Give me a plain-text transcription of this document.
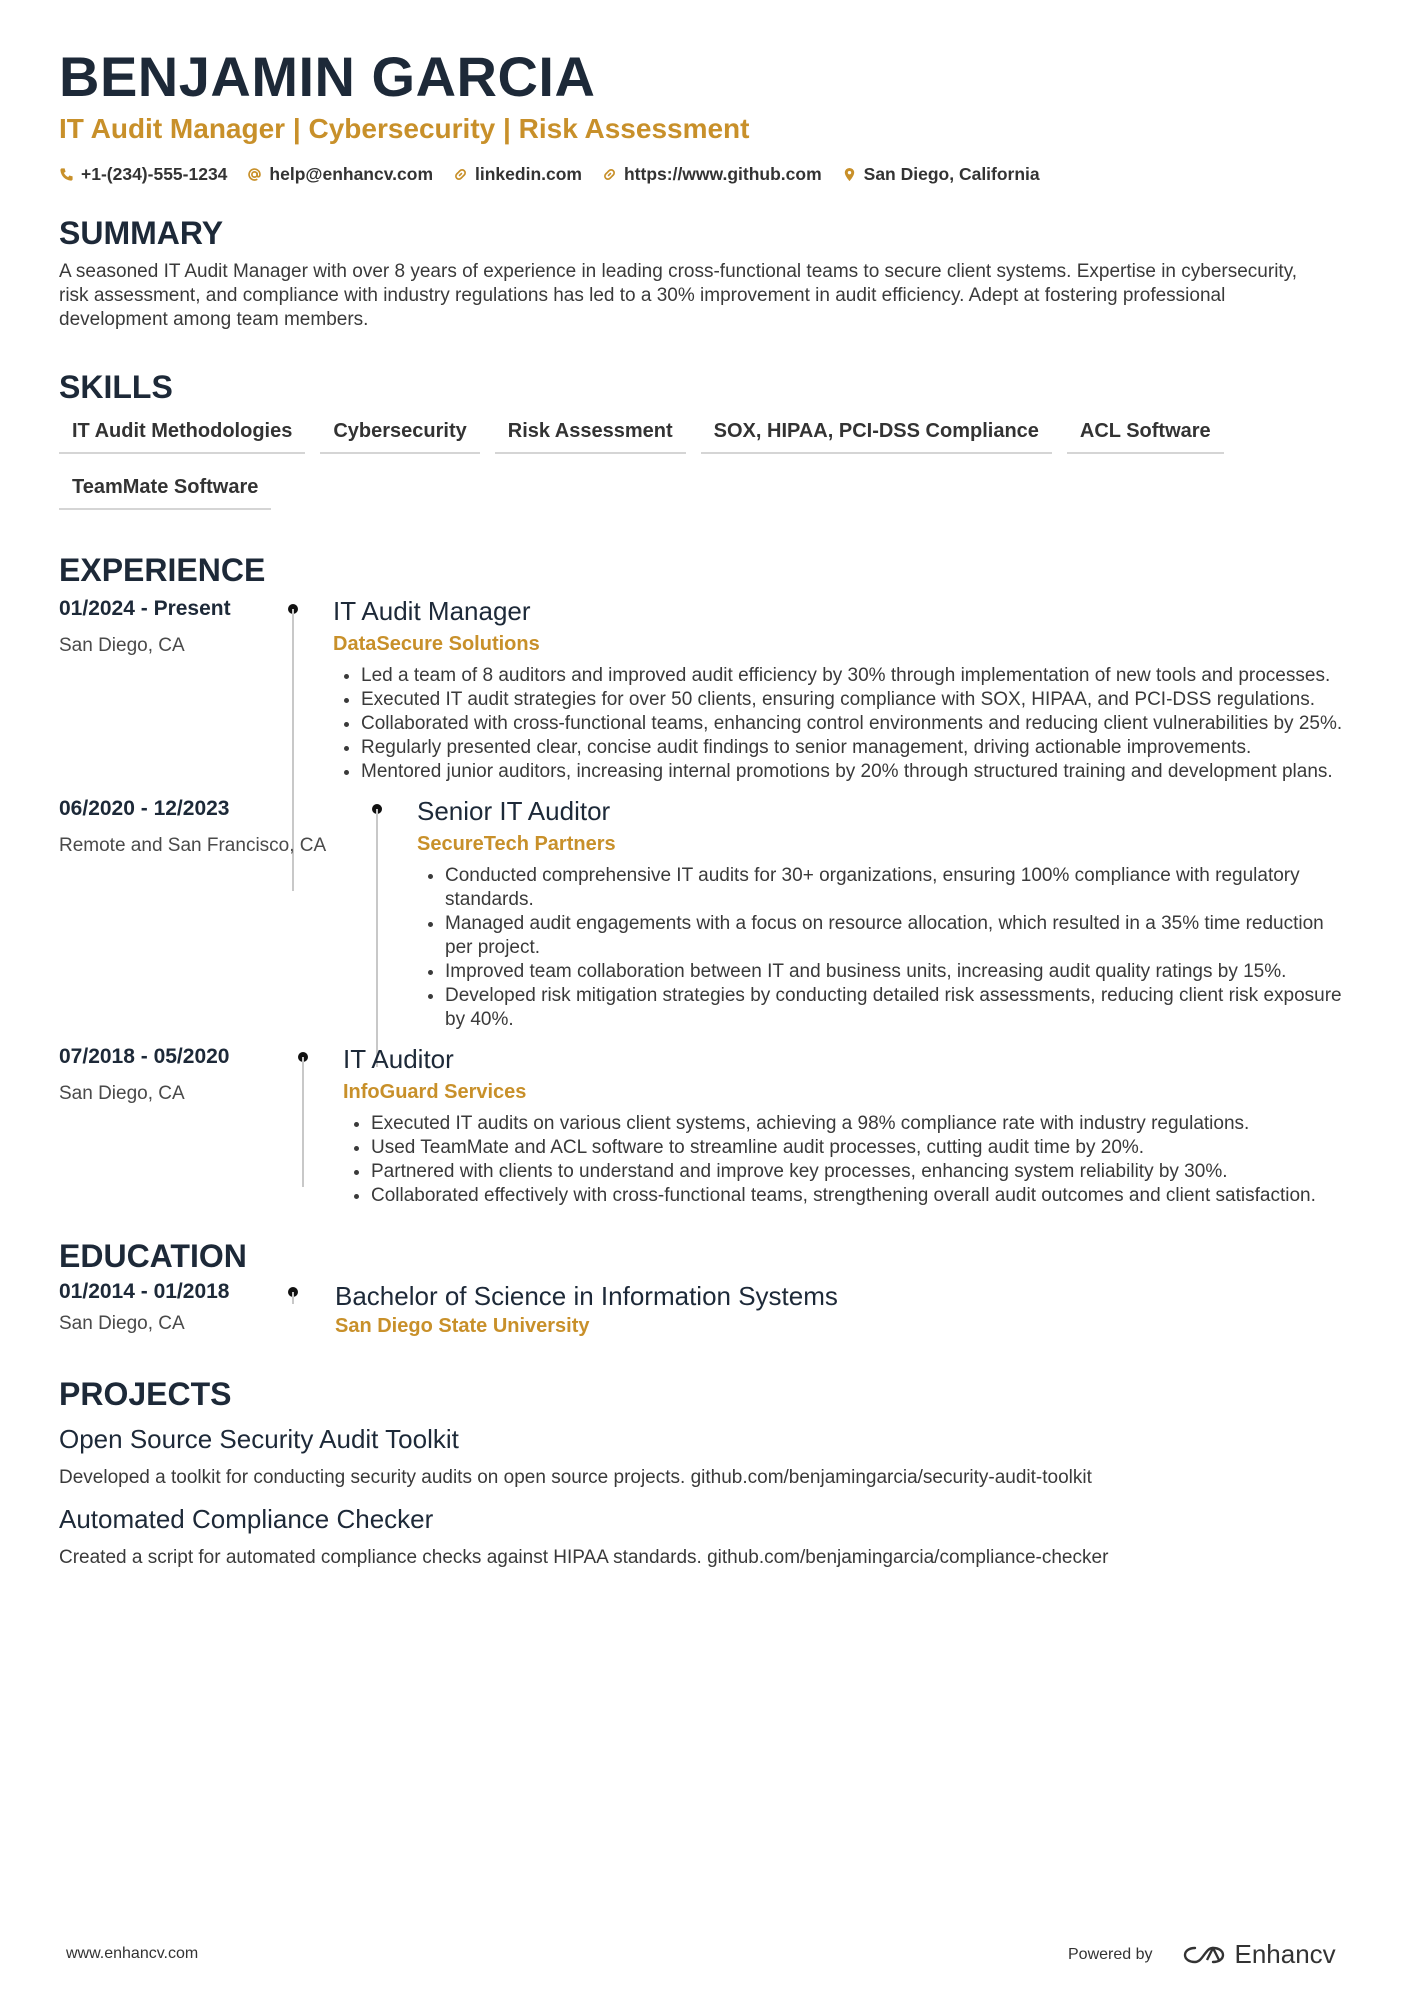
BENJAMIN GARCIA
IT Audit Manager | Cybersecurity | Risk Assessment
+1-(234)-555-1234 help@enhancv.com linkedin.com https://www.github.com San Diego, California
SUMMARY

A seasoned IT Audit Manager with over 8 years of experience in leading cross-functional teams to secure client systems. Expertise in cybersecurity, risk assessment, and compliance with industry regulations has led to a 30% improvement in audit efficiency. Adept at fostering professional development among team members.

SKILLS
IT Audit Methodologies	Cybersecurity	Risk Assessment	SOX, HIPAA, PCI-DSS Compliance	ACL Software
TeamMate Software
EXPERIENCE
01/2024 - Present
San Diego, CA
IT Audit Manager
DataSecure Solutions
• Led a team of 8 auditors and improved audit efficiency by 30% through implementation of new tools and processes.
• Executed IT audit strategies for over 50 clients, ensuring compliance with SOX, HIPAA, and PCI-DSS regulations.
• Collaborated with cross-functional teams, enhancing control environments and reducing client vulnerabilities by 25%.
• Regularly presented clear, concise audit findings to senior management, driving actionable improvements.
• Mentored junior auditors, increasing internal promotions by 20% through structured training and development plans.
06/2020 - 12/2023
Remote and San Francisco, CA
Senior IT Auditor
SecureTech Partners
• Conducted comprehensive IT audits for 30+ organizations, ensuring 100% compliance with regulatory standards.
• Managed audit engagements with a focus on resource allocation, which resulted in a 35% time reduction per project.
• Improved team collaboration between IT and business units, increasing audit quality ratings by 15%.
• Developed risk mitigation strategies by conducting detailed risk assessments, reducing client risk exposure by 40%.
07/2018 - 05/2020
San Diego, CA
IT Auditor
InfoGuard Services
• Executed IT audits on various client systems, achieving a 98% compliance rate with industry regulations.
• Used TeamMate and ACL software to streamline audit processes, cutting audit time by 20%.
• Partnered with clients to understand and improve key processes, enhancing system reliability by 30%.
• Collaborated effectively with cross-functional teams, strengthening overall audit outcomes and client satisfaction.
EDUCATION
01/2014 - 01/2018
San Diego, CA
Bachelor of Science in Information Systems
San Diego State University
PROJECTS
Open Source Security Audit Toolkit
Developed a toolkit for conducting security audits on open source projects. github.com/benjamingarcia/security-audit-toolkit
Automated Compliance Checker
Created a script for automated compliance checks against HIPAA standards. github.com/benjamingarcia/compliance-checker
www.enhancv.com	Powered by	Enhancv
